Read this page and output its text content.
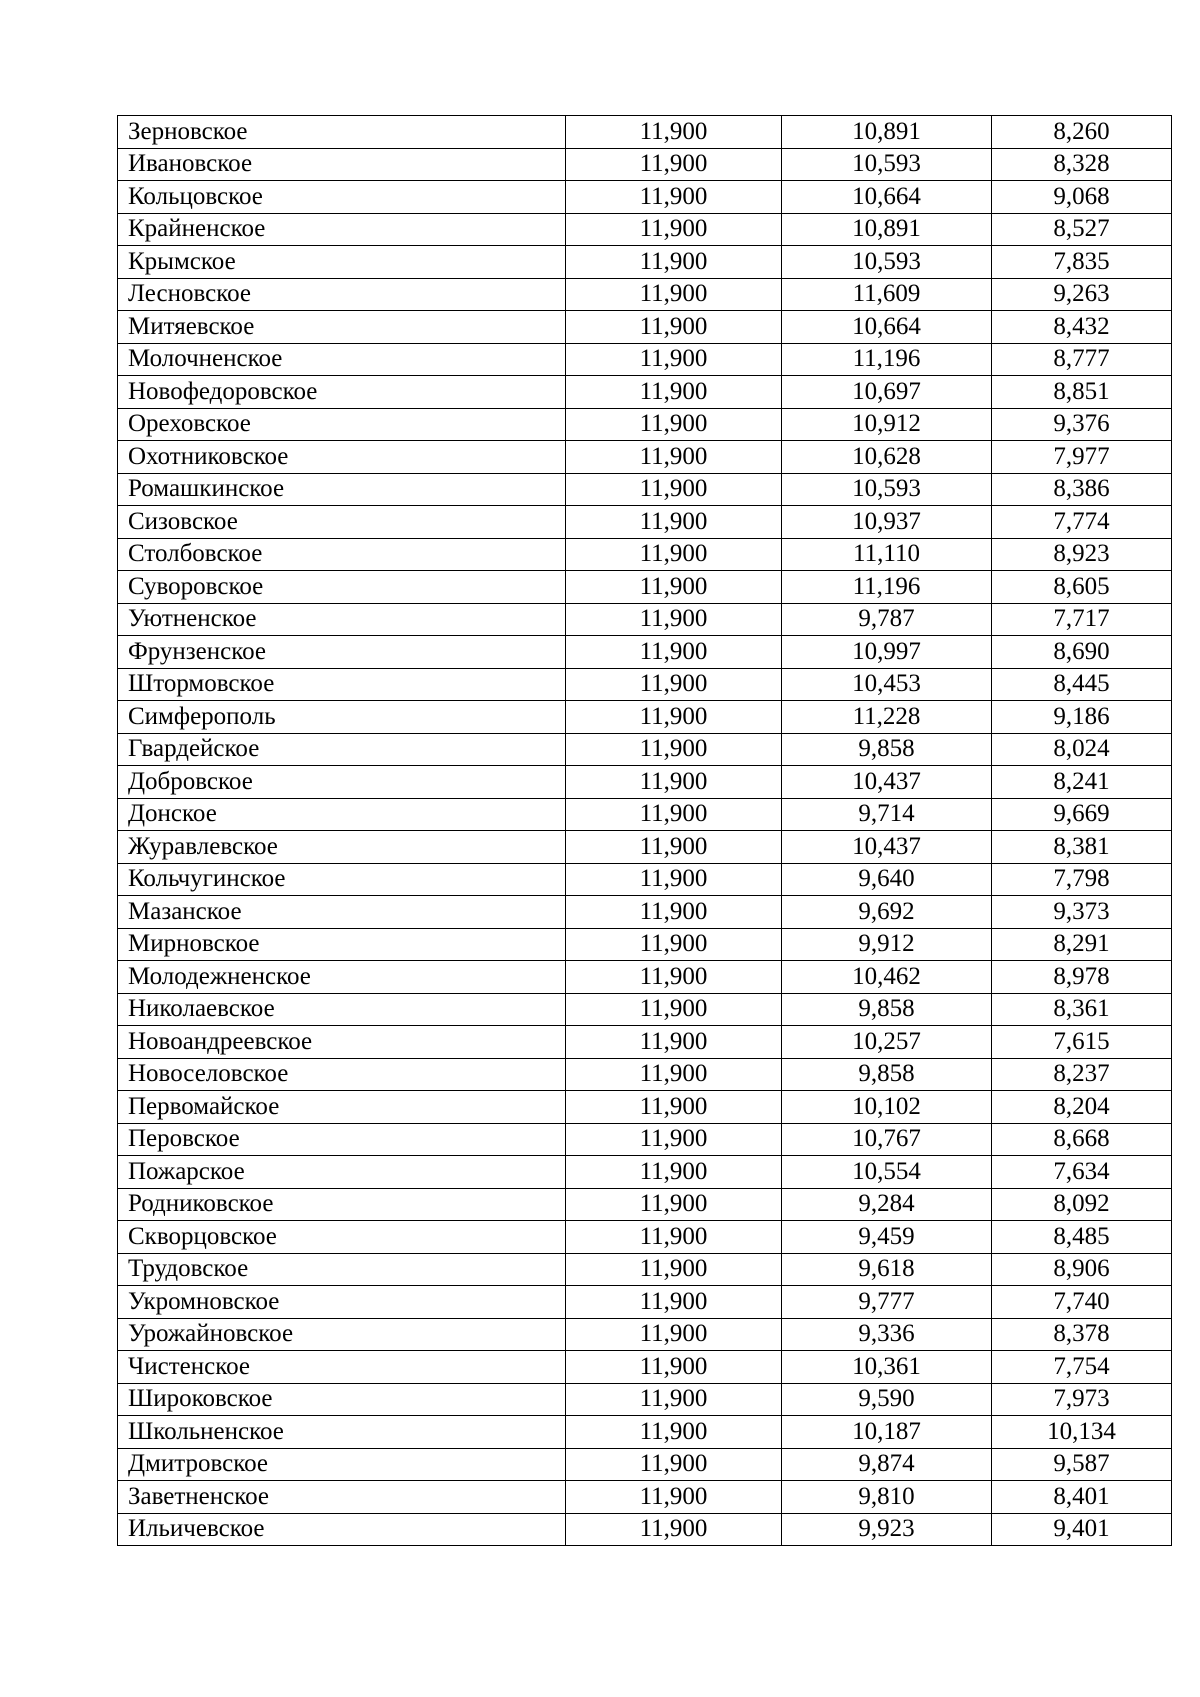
Зерновское	11,900	10,891	8,260
Ивановское	11,900	10,593	8,328
Кольцовское	11,900	10,664	9,068
Крайненское	11,900	10,891	8,527
Крымское	11,900	10,593	7,835
Лесновское	11,900	11,609	9,263
Митяевское	11,900	10,664	8,432
Молочненское	11,900	11,196	8,777
Новофедоровское	11,900	10,697	8,851
Ореховское	11,900	10,912	9,376
Охотниковское	11,900	10,628	7,977
Ромашкинское	11,900	10,593	8,386
Сизовское	11,900	10,937	7,774
Столбовское	11,900	11,110	8,923
Суворовское	11,900	11,196	8,605
Уютненское	11,900	9,787	7,717
Фрунзенское	11,900	10,997	8,690
Штормовское	11,900	10,453	8,445
Симферополь	11,900	11,228	9,186
Гвардейское	11,900	9,858	8,024
Добровское	11,900	10,437	8,241
Донское	11,900	9,714	9,669
Журавлевское	11,900	10,437	8,381
Кольчугинское	11,900	9,640	7,798
Мазанское	11,900	9,692	9,373
Мирновское	11,900	9,912	8,291
Молодежненское	11,900	10,462	8,978
Николаевское	11,900	9,858	8,361
Новоандреевское	11,900	10,257	7,615
Новоселовское	11,900	9,858	8,237
Первомайское	11,900	10,102	8,204
Перовское	11,900	10,767	8,668
Пожарское	11,900	10,554	7,634
Родниковское	11,900	9,284	8,092
Скворцовское	11,900	9,459	8,485
Трудовское	11,900	9,618	8,906
Укромновское	11,900	9,777	7,740
Урожайновское	11,900	9,336	8,378
Чистенское	11,900	10,361	7,754
Широковское	11,900	9,590	7,973
Школьненское	11,900	10,187	10,134
Дмитровское	11,900	9,874	9,587
Заветненское	11,900	9,810	8,401
Ильичевское	11,900	9,923	9,401
